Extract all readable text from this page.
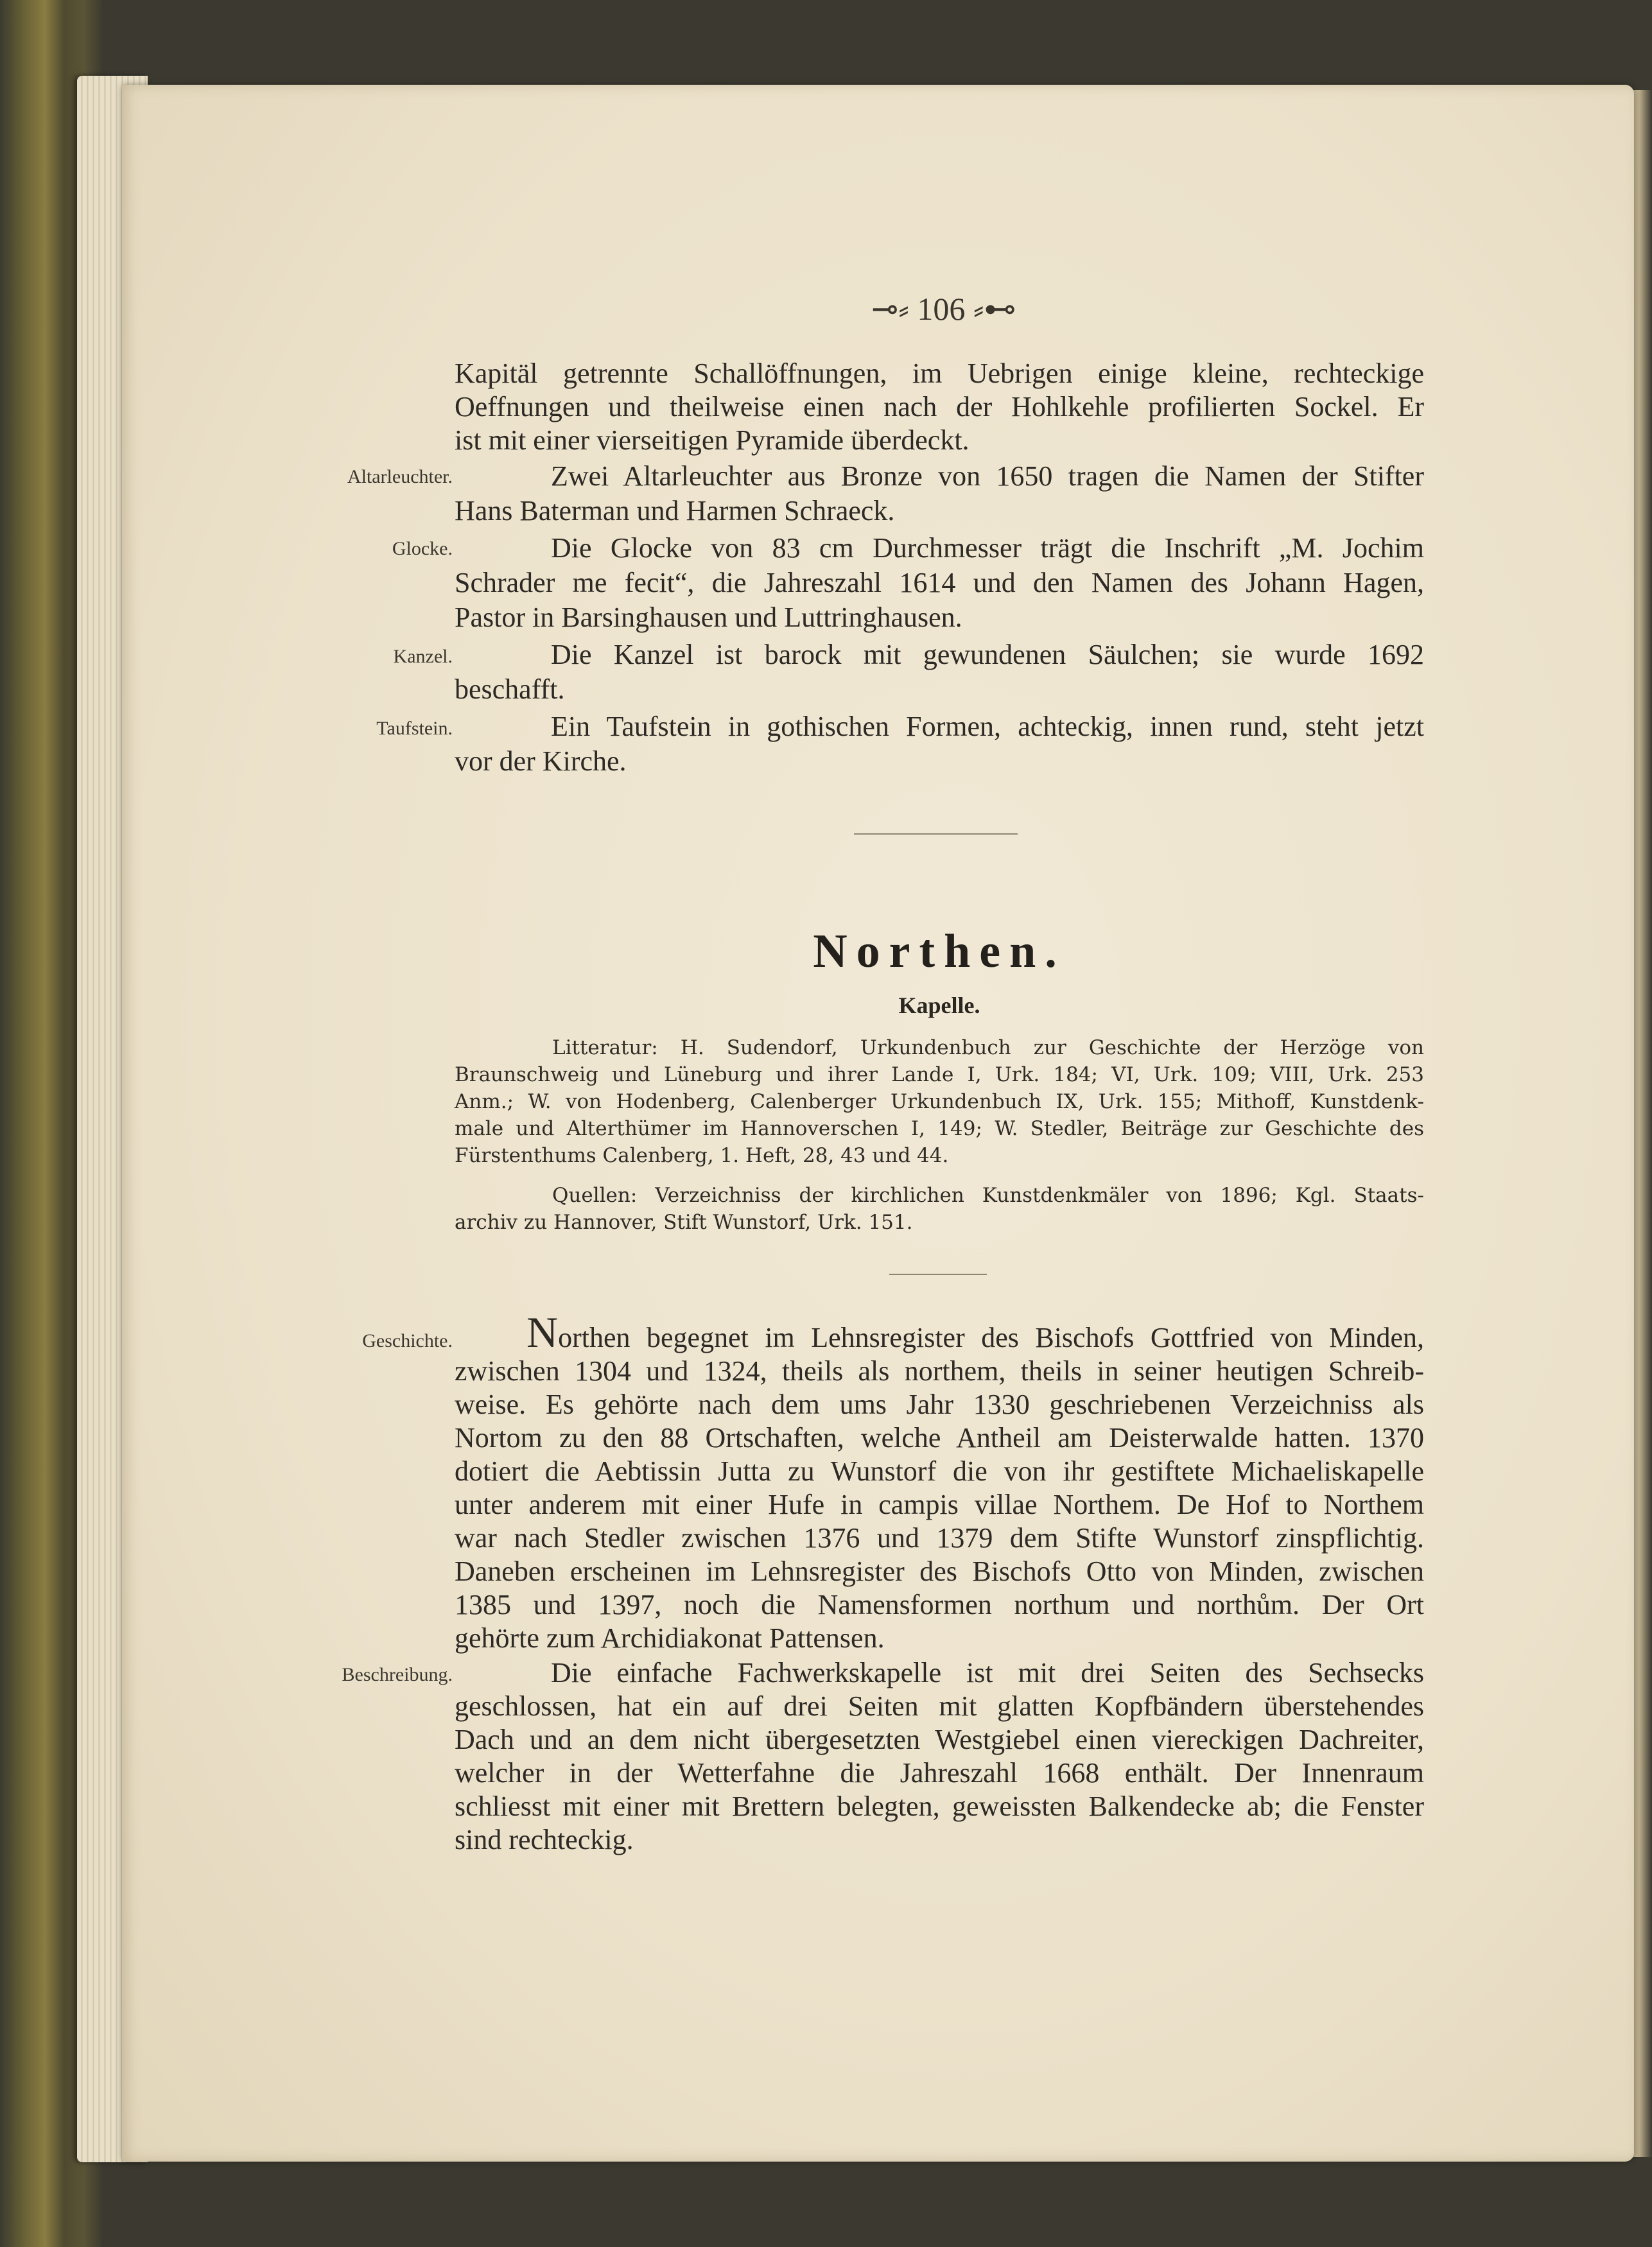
⊸⸗ 106 ⸗⊷
Kapitäl getrennte Schallöffnungen, im Uebrigen einige kleine, rechteckige
Oeffnungen und theilweise einen nach der Hohlkehle profilierten Sockel. Er
ist mit einer vierseitigen Pyramide überdeckt.
Altarleuchter.	Zwei Altarleuchter aus Bronze von 1650 tragen die Namen der Stifter
Hans Baterman und Harmen Schraeck.
Glocke.	Die Glocke von 83 cm Durchmesser trägt die Inschrift „M. Jochim
Schrader me fecit“, die Jahreszahl 1614 und den Namen des Johann Hagen,
Pastor in Barsinghausen und Luttringhausen.
Kanzel.	Die Kanzel ist barock mit gewundenen Säulchen; sie wurde 1692
beschafft.
Taufstein.	Ein Taufstein in gothischen Formen, achteckig, innen rund, steht jetzt
vor der Kirche.
Northen.
Kapelle.
Litteratur: H. Sudendorf, Urkundenbuch zur Geschichte der Herzöge von
Braunschweig und Lüneburg und ihrer Lande I, Urk. 184; VI, Urk. 109; VIII, Urk. 253
Anm.; W. von Hodenberg, Calenberger Urkundenbuch IX, Urk. 155; Mithoff, Kunstdenk-
male und Alterthümer im Hannoverschen I, 149; W. Stedler, Beiträge zur Geschichte des
Fürstenthums Calenberg, 1. Heft, 28, 43 und 44.
Quellen: Verzeichniss der kirchlichen Kunstdenkmäler von 1896; Kgl. Staats-
archiv zu Hannover, Stift Wunstorf, Urk. 151.
Geschichte. Northen begegnet im Lehnsregister des Bischofs Gottfried von Minden,
zwischen 1304 und 1324, theils als northem, theils in seiner heutigen Schreib-
weise. Es gehörte nach dem ums Jahr 1330 geschriebenen Verzeichniss als
Nortom zu den 88 Ortschaften, welche Antheil am Deisterwalde hatten. 1370
dotiert die Aebtissin Jutta zu Wunstorf die von ihr gestiftete Michaeliskapelle
unter anderem mit einer Hufe in campis villae Northem. De Hof to Northem
war nach Stedler zwischen 1376 und 1379 dem Stifte Wunstorf zinspflichtig.
Daneben erscheinen im Lehnsregister des Bischofs Otto von Minden, zwischen
1385 und 1397, noch die Namensformen northum und northům. Der Ort
gehörte zum Archidiakonat Pattensen.
Beschreibung.	Die einfache Fachwerkskapelle ist mit drei Seiten des Sechsecks
geschlossen, hat ein auf drei Seiten mit glatten Kopfbändern überstehendes
Dach und an dem nicht übergesetzten Westgiebel einen viereckigen Dachreiter,
welcher in der Wetterfahne die Jahreszahl 1668 enthält. Der Innenraum
schliesst mit einer mit Brettern belegten, geweissten Balkendecke ab; die Fenster
sind rechteckig.
